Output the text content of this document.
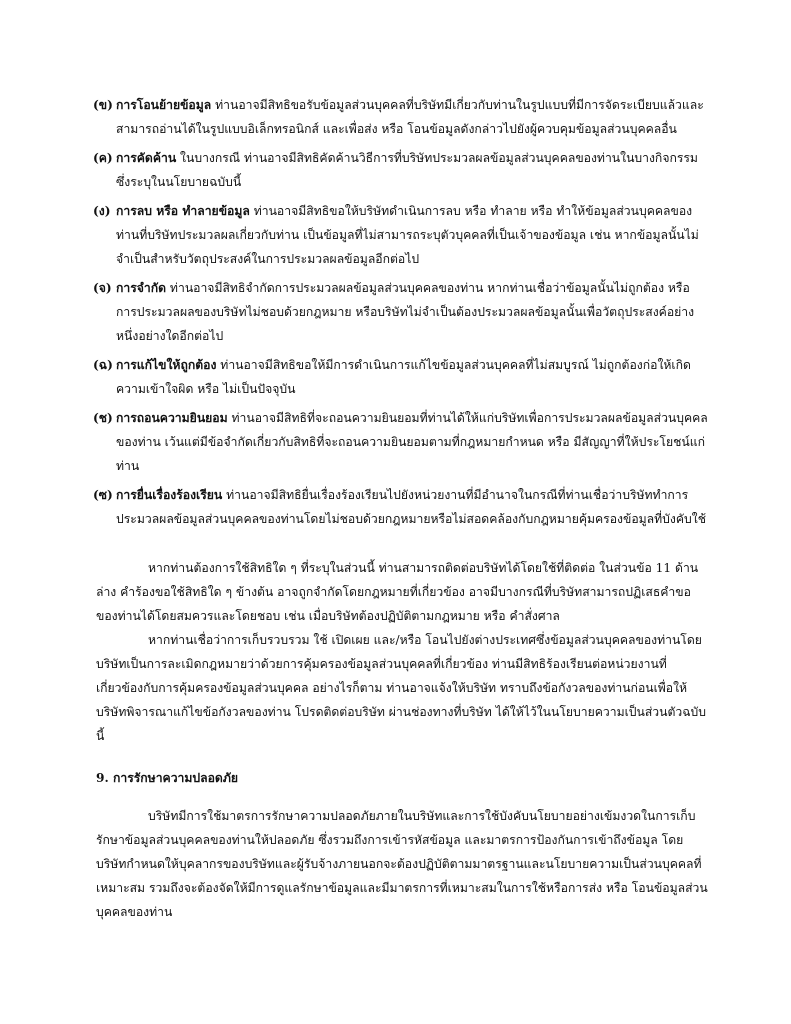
(ข) การโอนย้ายข้อมูล ท่านอาจมีสิทธิขอรับข้อมูลส่วนบุคคลที่บริษัทมีเกี่ยวกับท่านในรูปแบบที่มีการจัดระเบียบแล้วและสามารถอ่านได้ในรูปแบบอิเล็กทรอนิกส์ และเพื่อส่ง หรือ โอนข้อมูลดังกล่าวไปยังผู้ควบคุมข้อมูลส่วนบุคคลอื่น
(ค) การคัดค้าน ในบางกรณี ท่านอาจมีสิทธิคัดค้านวิธีการที่บริษัทประมวลผลข้อมูลส่วนบุคคลของท่านในบางกิจกรรมซึ่งระบุในนโยบายฉบับนี้
(ง) การลบ หรือ ทำลายข้อมูล ท่านอาจมีสิทธิขอให้บริษัทดำเนินการลบ หรือ ทำลาย หรือ ทำให้ข้อมูลส่วนบุคคลของท่านที่บริษัทประมวลผลเกี่ยวกับท่าน เป็นข้อมูลที่ไม่สามารถระบุตัวบุคคลที่เป็นเจ้าของข้อมูล เช่น หากข้อมูลนั้นไม่จำเป็นสำหรับวัตถุประสงค์ในการประมวลผลข้อมูลอีกต่อไป
(จ) การจำกัด ท่านอาจมีสิทธิจำกัดการประมวลผลข้อมูลส่วนบุคคลของท่าน หากท่านเชื่อว่าข้อมูลนั้นไม่ถูกต้อง หรือ การประมวลผลของบริษัทไม่ชอบด้วยกฎหมาย หรือบริษัทไม่จำเป็นต้องประมวลผลข้อมูลนั้นเพื่อวัตถุประสงค์อย่างหนึ่งอย่างใดอีกต่อไป
(ฉ) การแก้ไขให้ถูกต้อง ท่านอาจมีสิทธิขอให้มีการดำเนินการแก้ไขข้อมูลส่วนบุคคลที่ไม่สมบูรณ์ ไม่ถูกต้องก่อให้เกิดความเข้าใจผิด หรือ ไม่เป็นปัจจุบัน
(ช) การถอนความยินยอม ท่านอาจมีสิทธิที่จะถอนความยินยอมที่ท่านได้ให้แก่บริษัทเพื่อการประมวลผลข้อมูลส่วนบุคคลของท่าน เว้นแต่มีข้อจำกัดเกี่ยวกับสิทธิที่จะถอนความยินยอมตามที่กฎหมายกำหนด หรือ มีสัญญาที่ให้ประโยชน์แก่ท่าน
(ซ) การยื่นเรื่องร้องเรียน ท่านอาจมีสิทธิยื่นเรื่องร้องเรียนไปยังหน่วยงานที่มีอำนาจในกรณีที่ท่านเชื่อว่าบริษัททำการประมวลผลข้อมูลส่วนบุคคลของท่านโดยไม่ชอบด้วยกฎหมายหรือไม่สอดคล้องกับกฎหมายคุ้มครองข้อมูลที่บังคับใช้

หากท่านต้องการใช้สิทธิใด ๆ ที่ระบุในส่วนนี้ ท่านสามารถติดต่อบริษัทได้โดยใช้ที่ติดต่อ ในส่วนข้อ 11 ด้านล่าง คำร้องขอใช้สิทธิใด ๆ ข้างต้น อาจถูกจำกัดโดยกฎหมายที่เกี่ยวข้อง อาจมีบางกรณีที่บริษัทสามารถปฏิเสธคำขอของท่านได้โดยสมควรและโดยชอบ เช่น เมื่อบริษัทต้องปฏิบัติตามกฎหมาย หรือ คำสั่งศาล

หากท่านเชื่อว่าการเก็บรวบรวม ใช้ เปิดเผย และ/หรือ โอนไปยังต่างประเทศซึ่งข้อมูลส่วนบุคคลของท่านโดยบริษัทเป็นการละเมิดกฎหมายว่าด้วยการคุ้มครองข้อมูลส่วนบุคคลที่เกี่ยวข้อง ท่านมีสิทธิร้องเรียนต่อหน่วยงานที่เกี่ยวข้องกับการคุ้มครองข้อมูลส่วนบุคคล อย่างไรก็ตาม ท่านอาจแจ้งให้บริษัท ทราบถึงข้อกังวลของท่านก่อนเพื่อให้บริษัทพิจารณาแก้ไขข้อกังวลของท่าน โปรดติดต่อบริษัท ผ่านช่องทางที่บริษัท ได้ให้ไว้ในนโยบายความเป็นส่วนตัวฉบับนี้

9. การรักษาความปลอดภัย

บริษัทมีการใช้มาตรการรักษาความปลอดภัยภายในบริษัทและการใช้บังคับนโยบายอย่างเข้มงวดในการเก็บรักษาข้อมูลส่วนบุคคลของท่านให้ปลอดภัย ซึ่งรวมถึงการเข้ารหัสข้อมูล และมาตรการป้องกันการเข้าถึงข้อมูล โดยบริษัทกำหนดให้บุคลากรของบริษัทและผู้รับจ้างภายนอกจะต้องปฏิบัติตามมาตรฐานและนโยบายความเป็นส่วนบุคคลที่เหมาะสม รวมถึงจะต้องจัดให้มีการดูแลรักษาข้อมูลและมีมาตรการที่เหมาะสมในการใช้หรือการส่ง หรือ โอนข้อมูลส่วนบุคคลของท่าน
